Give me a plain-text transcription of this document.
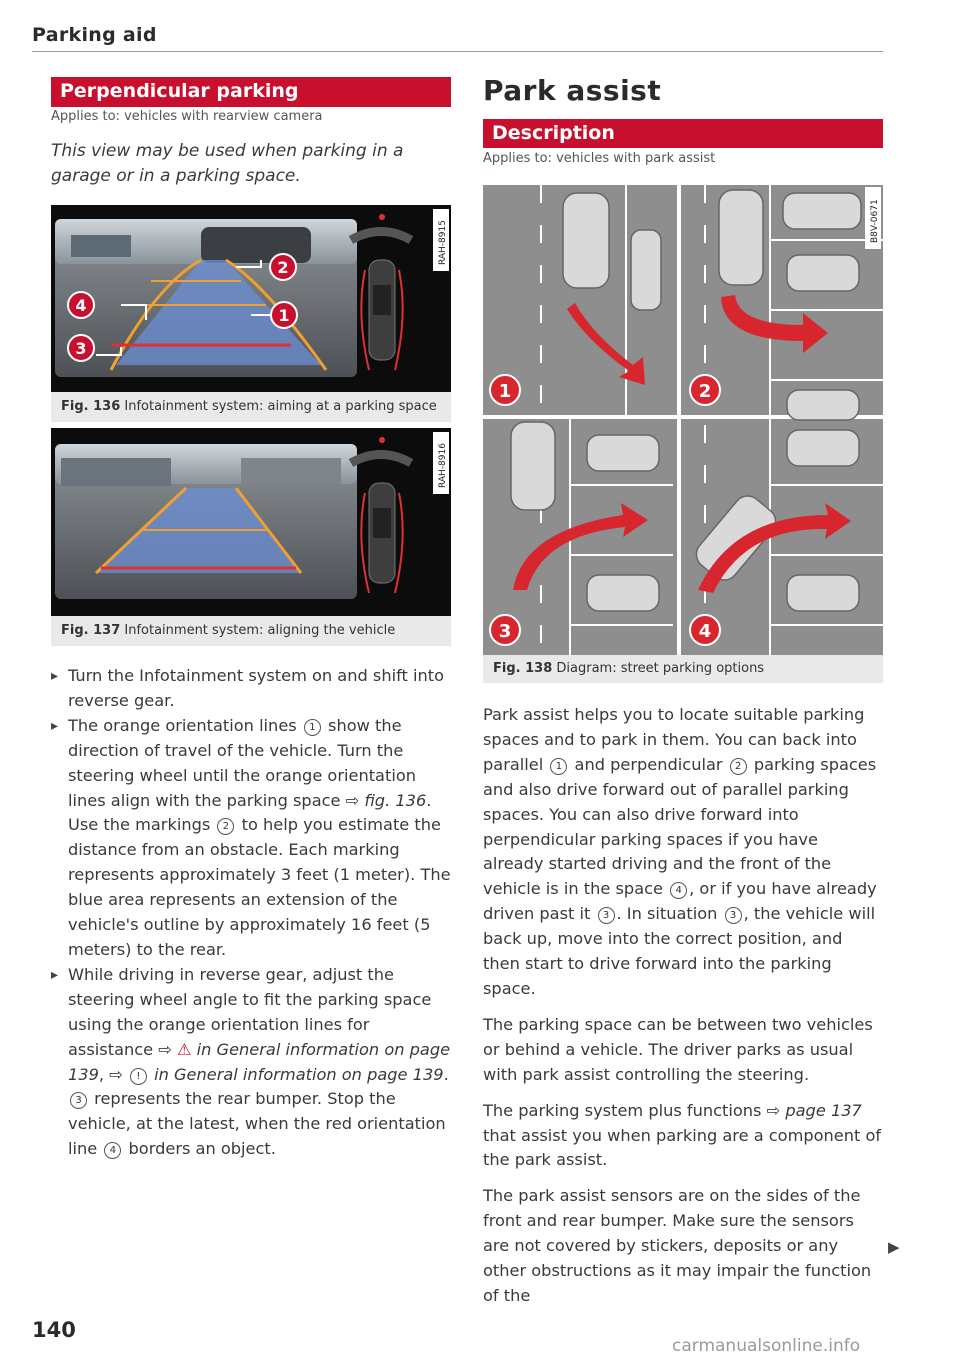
Parking aid
Perpendicular parking
Applies to: vehicles with rearview camera
This view may be used when parking in a garage or in a parking space.
2
1
4
3
RAH-8915
Fig. 136 Infotainment system: aiming at a parking space
RAH-8916
Fig. 137 Infotainment system: aligning the vehicle
▸ Turn the Infotainment system on and shift into reverse gear.
▸ The orange orientation lines 1 show the direction of travel of the vehicle. Turn the steering wheel until the orange orientation lines align with the parking space ⇨ fig. 136. Use the markings 2 to help you estimate the distance from an obstacle. Each marking represents approximately 3 feet (1 meter). The blue area represents an extension of the vehicle's outline by approximately 16 feet (5 meters) to the rear.
▸ While driving in reverse gear, adjust the steering wheel angle to fit the parking space using the orange orientation lines for assistance ⇨ ⚠ in General information on page 139, ⇨ ! in General information on page 139. 3 represents the rear bumper. Stop the vehicle, at the latest, when the red orientation line 4 borders an object.
Park assist
Description
Applies to: vehicles with park assist
1	2
3	4
B8V-0671
Fig. 138 Diagram: street parking options

Park assist helps you to locate suitable parking spaces and to park in them. You can back into parallel 1 and perpendicular 2 parking spaces and also drive forward out of parallel parking spaces. You can also drive forward into perpendicular parking spaces if you have already started driving and the front of the vehicle is in the space 4 , or if you have already driven past it 3 . In situation 3 , the vehicle will back up, move into the correct position, and then start to drive forward into the parking space.

The parking space can be between two vehicles or behind a vehicle. The driver parks as usual with park assist controlling the steering.

The parking system plus functions ⇨ page 137 that assist you when parking are a component of the park assist.

The park assist sensors are on the sides of the front and rear bumper. Make sure the sensors are not covered by stickers, deposits or any other obstructions as it may impair the function of the

▶
140
carmanualsonline.info
